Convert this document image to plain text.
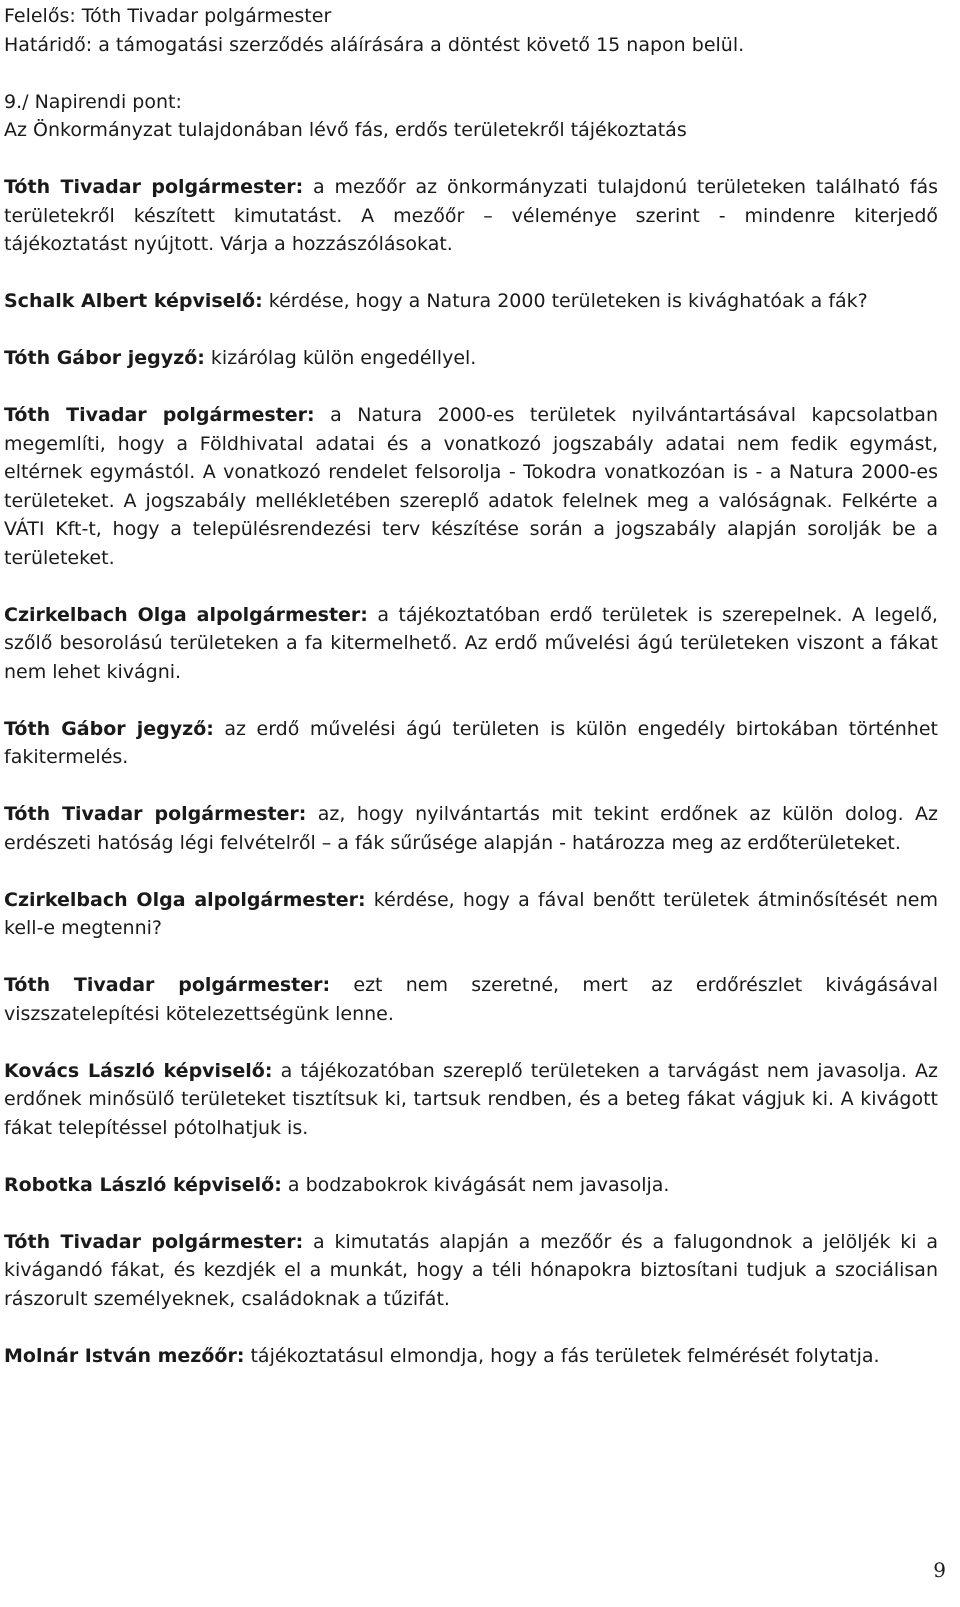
Felelős: Tóth Tivadar polgármester
Határidő: a támogatási szerződés aláírására a döntést követő 15 napon belül.
9./ Napirendi pont:
Az Önkormányzat tulajdonában lévő fás, erdős területekről tájékoztatás

Tóth Tivadar polgármester: a mezőőr az önkormányzati tulajdonú területeken található fás területekről készített kimutatást. A mezőőr – véleménye szerint - mindenre kiterjedő tájékoztatást nyújtott. Várja a hozzászólásokat.

Schalk Albert képviselő: kérdése, hogy a Natura 2000 területeken is kivághatóak a fák?

Tóth Gábor jegyző: kizárólag külön engedéllyel.

Tóth Tivadar polgármester: a Natura 2000-es területek nyilvántartásával kapcsolatban megemlíti, hogy a Földhivatal adatai és a vonatkozó jogszabály adatai nem fedik egymást, eltérnek egymástól. A vonatkozó rendelet felsorolja - Tokodra vonatkozóan is - a Natura 2000-es területeket. A jogszabály mellékletében szereplő adatok felelnek meg a valóságnak. Felkérte a VÁTI Kft-t, hogy a településrendezési terv készítése során a jogszabály alapján sorolják be a területeket.

Czirkelbach Olga alpolgármester: a tájékoztatóban erdő területek is szerepelnek. A legelő, szőlő besorolású területeken a fa kitermelhető. Az erdő művelési ágú területeken viszont a fákat nem lehet kivágni.

Tóth Gábor jegyző: az erdő művelési ágú területen is külön engedély birtokában történhet fakitermelés.

Tóth Tivadar polgármester: az, hogy nyilvántartás mit tekint erdőnek az külön dolog. Az erdészeti hatóság légi felvételről – a fák sűrűsége alapján - határozza meg az erdőterületeket.

Czirkelbach Olga alpolgármester: kérdése, hogy a fával benőtt területek átminősítését nem kell-e megtenni?

Tóth Tivadar polgármester: ezt nem szeretné, mert az erdőrészlet kivágásával viszszatelepítési kötelezettségünk lenne.

Kovács László képviselő: a tájékozatóban szereplő területeken a tarvágást nem javasolja. Az erdőnek minősülő területeket tisztítsuk ki, tartsuk rendben, és a beteg fákat vágjuk ki. A kivágott fákat telepítéssel pótolhatjuk is.

Robotka László képviselő: a bodzabokrok kivágását nem javasolja.

Tóth Tivadar polgármester: a kimutatás alapján a mezőőr és a falugondnok a jelöljék ki a kivágandó fákat, és kezdjék el a munkát, hogy a téli hónapokra biztosítani tudjuk a szociálisan rászorult személyeknek, családoknak a tűzifát.

Molnár István mezőőr: tájékoztatásul elmondja, hogy a fás területek felmérését folytatja.

9
